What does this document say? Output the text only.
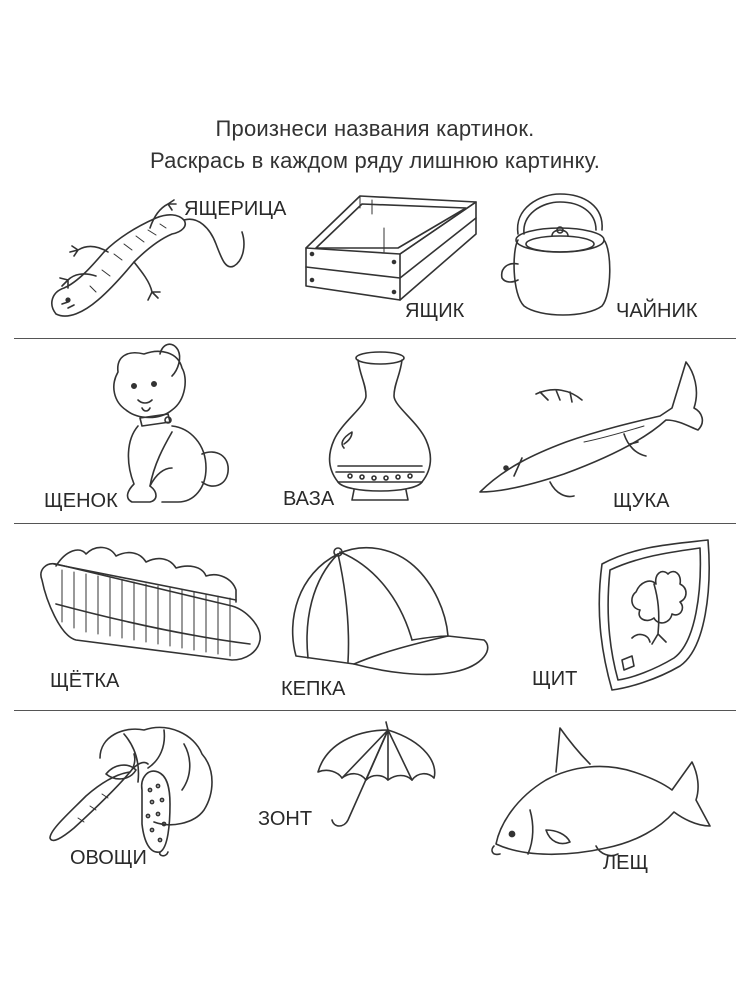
Произнеси названия картинок.
Раскрась в каждом ряду лишнюю картинку.
ЯЩЕРИЦА
ЯЩИК	ЧАЙНИК
ЩЕНОК	ВАЗА	ЩУКА
ЩЁТКА	КЕПКА	ЩИТ
ОВОЩИ
ЗОНТ
ЛЕЩ
